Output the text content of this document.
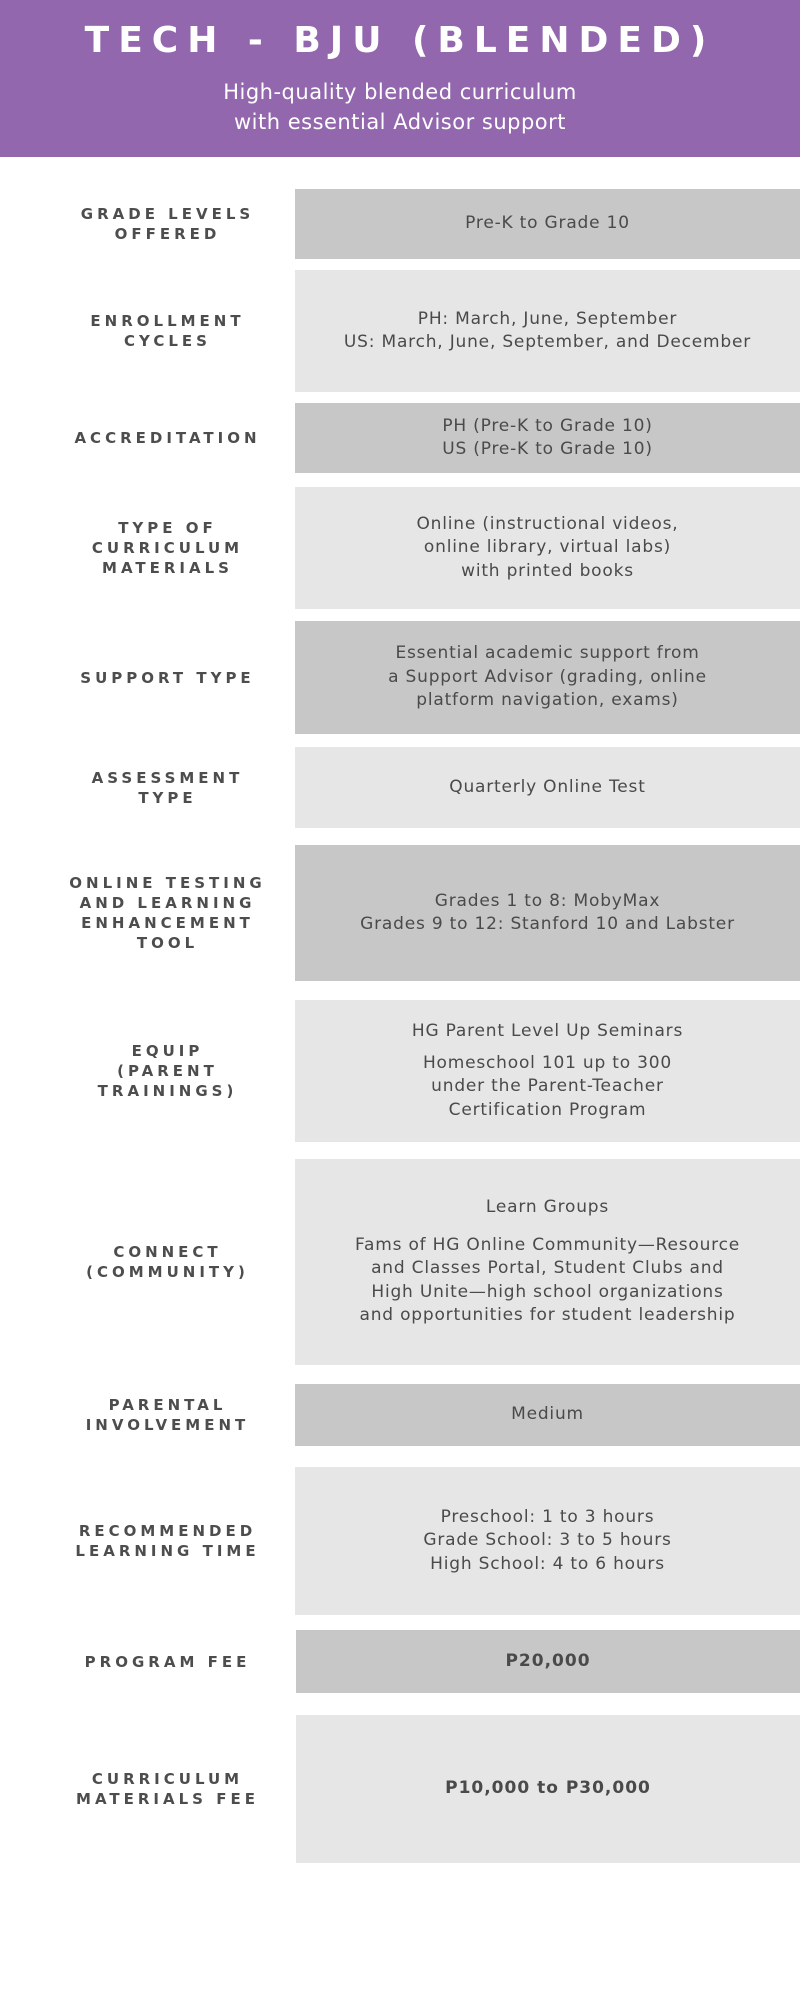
TECH - BJU (BLENDED)
High-quality blended curriculum
with essential Advisor support
GRADE LEVELS
OFFERED
Pre-K to Grade 10
ENROLLMENT
CYCLES
PH: March, June, September
US: March, June, September, and December
ACCREDITATION
PH (Pre-K to Grade 10)
US (Pre-K to Grade 10)
TYPE OF
CURRICULUM
MATERIALS
Online (instructional videos,
online library, virtual labs)
with printed books
SUPPORT TYPE
Essential academic support from
a Support Advisor (grading, online
platform navigation, exams)
ASSESSMENT
TYPE
Quarterly Online Test
ONLINE TESTING
AND LEARNING
ENHANCEMENT
TOOL
Grades 1 to 8: MobyMax
Grades 9 to 12: Stanford 10 and Labster
EQUIP
(PARENT
TRAININGS)
HG Parent Level Up Seminars
Homeschool 101 up to 300
under the Parent-Teacher
Certification Program
CONNECT
(COMMUNITY)
Learn Groups
Fams of HG Online Community—Resource
and Classes Portal, Student Clubs and
High Unite—high school organizations
and opportunities for student leadership
PARENTAL
INVOLVEMENT
Medium
RECOMMENDED
LEARNING TIME
Preschool: 1 to 3 hours
Grade School: 3 to 5 hours
High School: 4 to 6 hours
PROGRAM FEE	P20,000
CURRICULUM
MATERIALS FEE
P10,000 to P30,000
